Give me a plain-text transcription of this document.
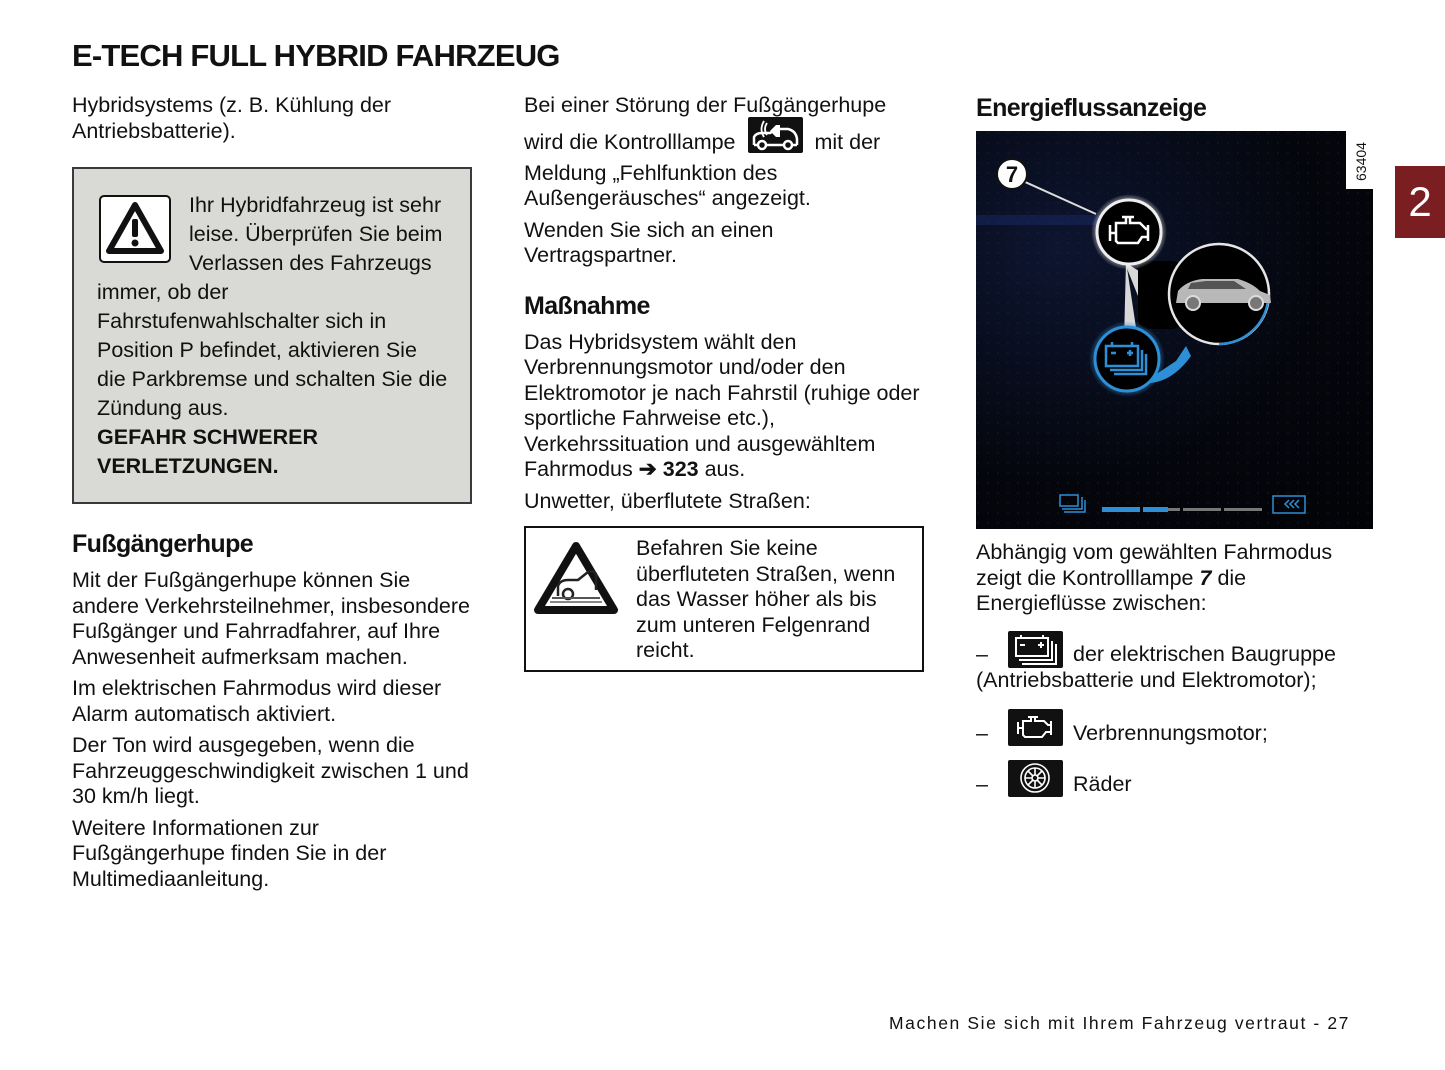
E-TECH FULL HYBRID FAHRZEUG

Hybridsystems (z. B. Kühlung der Antriebsbatterie).

Ihr Hybridfahrzeug ist sehr leise. Überprüfen Sie beim Verlassen des Fahrzeugs immer, ob der Fahrstufenwahlschalter sich in Position P befindet, aktivieren Sie die Parkbremse und schalten Sie die Zündung aus.
GEFAHR SCHWERER VERLETZUNGEN.
Fußgängerhupe

Mit der Fußgängerhupe können Sie andere Verkehrsteilnehmer, insbesondere Fußgänger und Fahrradfahrer, auf Ihre Anwesenheit aufmerksam machen.

Im elektrischen Fahrmodus wird dieser Alarm automatisch aktiviert.

Der Ton wird ausgegeben, wenn die Fahrzeuggeschwindigkeit zwischen 1 und 30 km/h liegt.

Weitere Informationen zur Fußgängerhupe finden Sie in der Multimediaanleitung.

Bei einer Störung der Fußgängerhupe

wird die Kontrolllampe	mit der

Meldung „Fehlfunktion des Außengeräusches“ angezeigt.

Wenden Sie sich an einen Vertragspartner.

Maßnahme

Das Hybridsystem wählt den Verbrennungsmotor und/oder den Elektromotor je nach Fahrstil (ruhige oder sportliche Fahrweise etc.), Verkehrssituation und ausgewähltem Fahrmodus ➔ 323 aus.

Unwetter, überflutete Straßen:

Befahren Sie keine überfluteten Straßen, wenn das Wasser höher als bis zum unteren Felgenrand reicht.
Energieflussanzeige
7	63404

Abhängig vom gewählten Fahrmodus zeigt die Kontrolllampe 7 die Energieflüsse zwischen:

–	der elektrischen Baugruppe

(Antriebsbatterie und Elektromotor);

–	Verbrennungsmotor;
–	Räder
2
Machen Sie sich mit Ihrem Fahrzeug vertraut - 27
